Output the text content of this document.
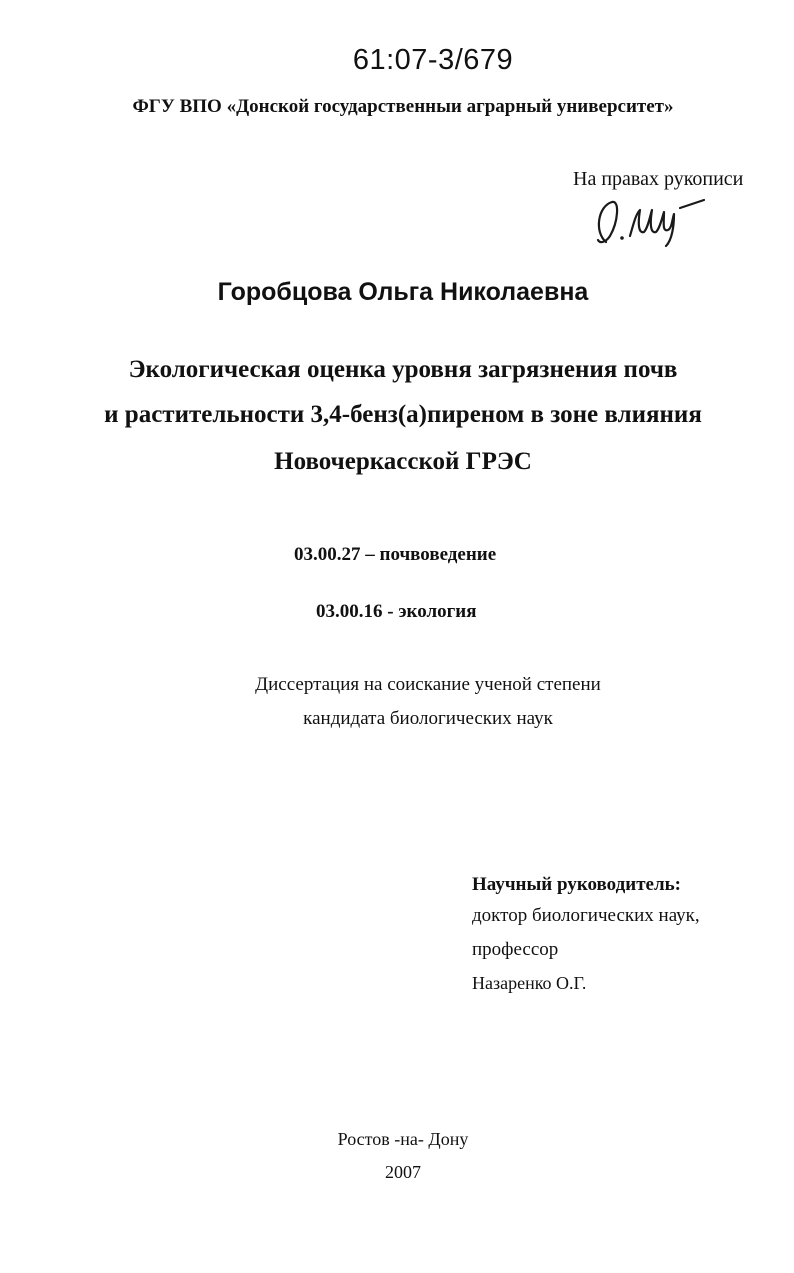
61:07-3/679
ФГУ ВПО «Донской государственныи аграрный университет»
На правах рукописи
Горобцова Ольга Николаевна
Экологическая оценка уровня загрязнения почв
и растительности 3,4-бенз(а)пиреном в зоне влияния
Новочеркасской ГРЭС
03.00.27 – почвоведение
03.00.16 - экология
Диссертация на соискание ученой степени
кандидата биологических наук
Научный руководитель:
доктор биологических наук,
профессор
Назаренко О.Г.
Ростов -на- Дону
2007
